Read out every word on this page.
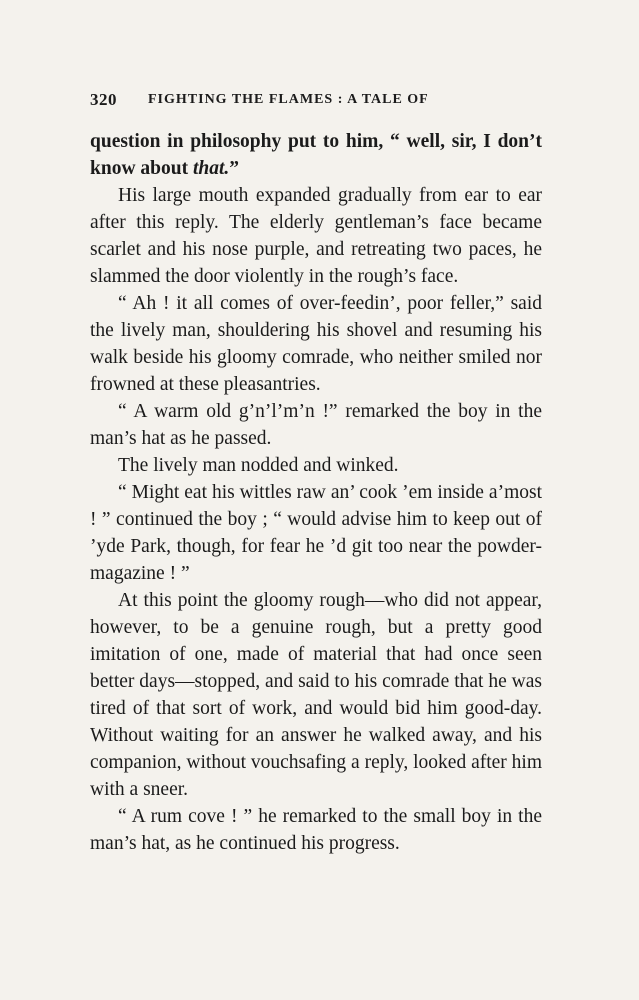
320 FIGHTING THE FLAMES : A TALE OF

question in philosophy put to him, “ well, sir, I don’t know about that.”

His large mouth expanded gradually from ear to ear after this reply. The elderly gentleman’s face became scarlet and his nose purple, and retreating two paces, he slammed the door violently in the rough’s face.

“ Ah ! it all comes of over-feedin’, poor feller,” said the lively man, shouldering his shovel and resuming his walk beside his gloomy comrade, who neither smiled nor frowned at these pleasantries.

“ A warm old g’n’l’m’n !” remarked the boy in the man’s hat as he passed.

The lively man nodded and winked.

“ Might eat his wittles raw an’ cook ’em inside a’most ! ” continued the boy ; “ would advise him to keep out of ’yde Park, though, for fear he ’d git too near the powder-magazine ! ”

At this point the gloomy rough—who did not appear, however, to be a genuine rough, but a pretty good imitation of one, made of material that had once seen better days—stopped, and said to his comrade that he was tired of that sort of work, and would bid him good-day. Without waiting for an answer he walked away, and his companion, without vouchsafing a reply, looked after him with a sneer.

“ A rum cove ! ” he remarked to the small boy in the man’s hat, as he continued his progress.
